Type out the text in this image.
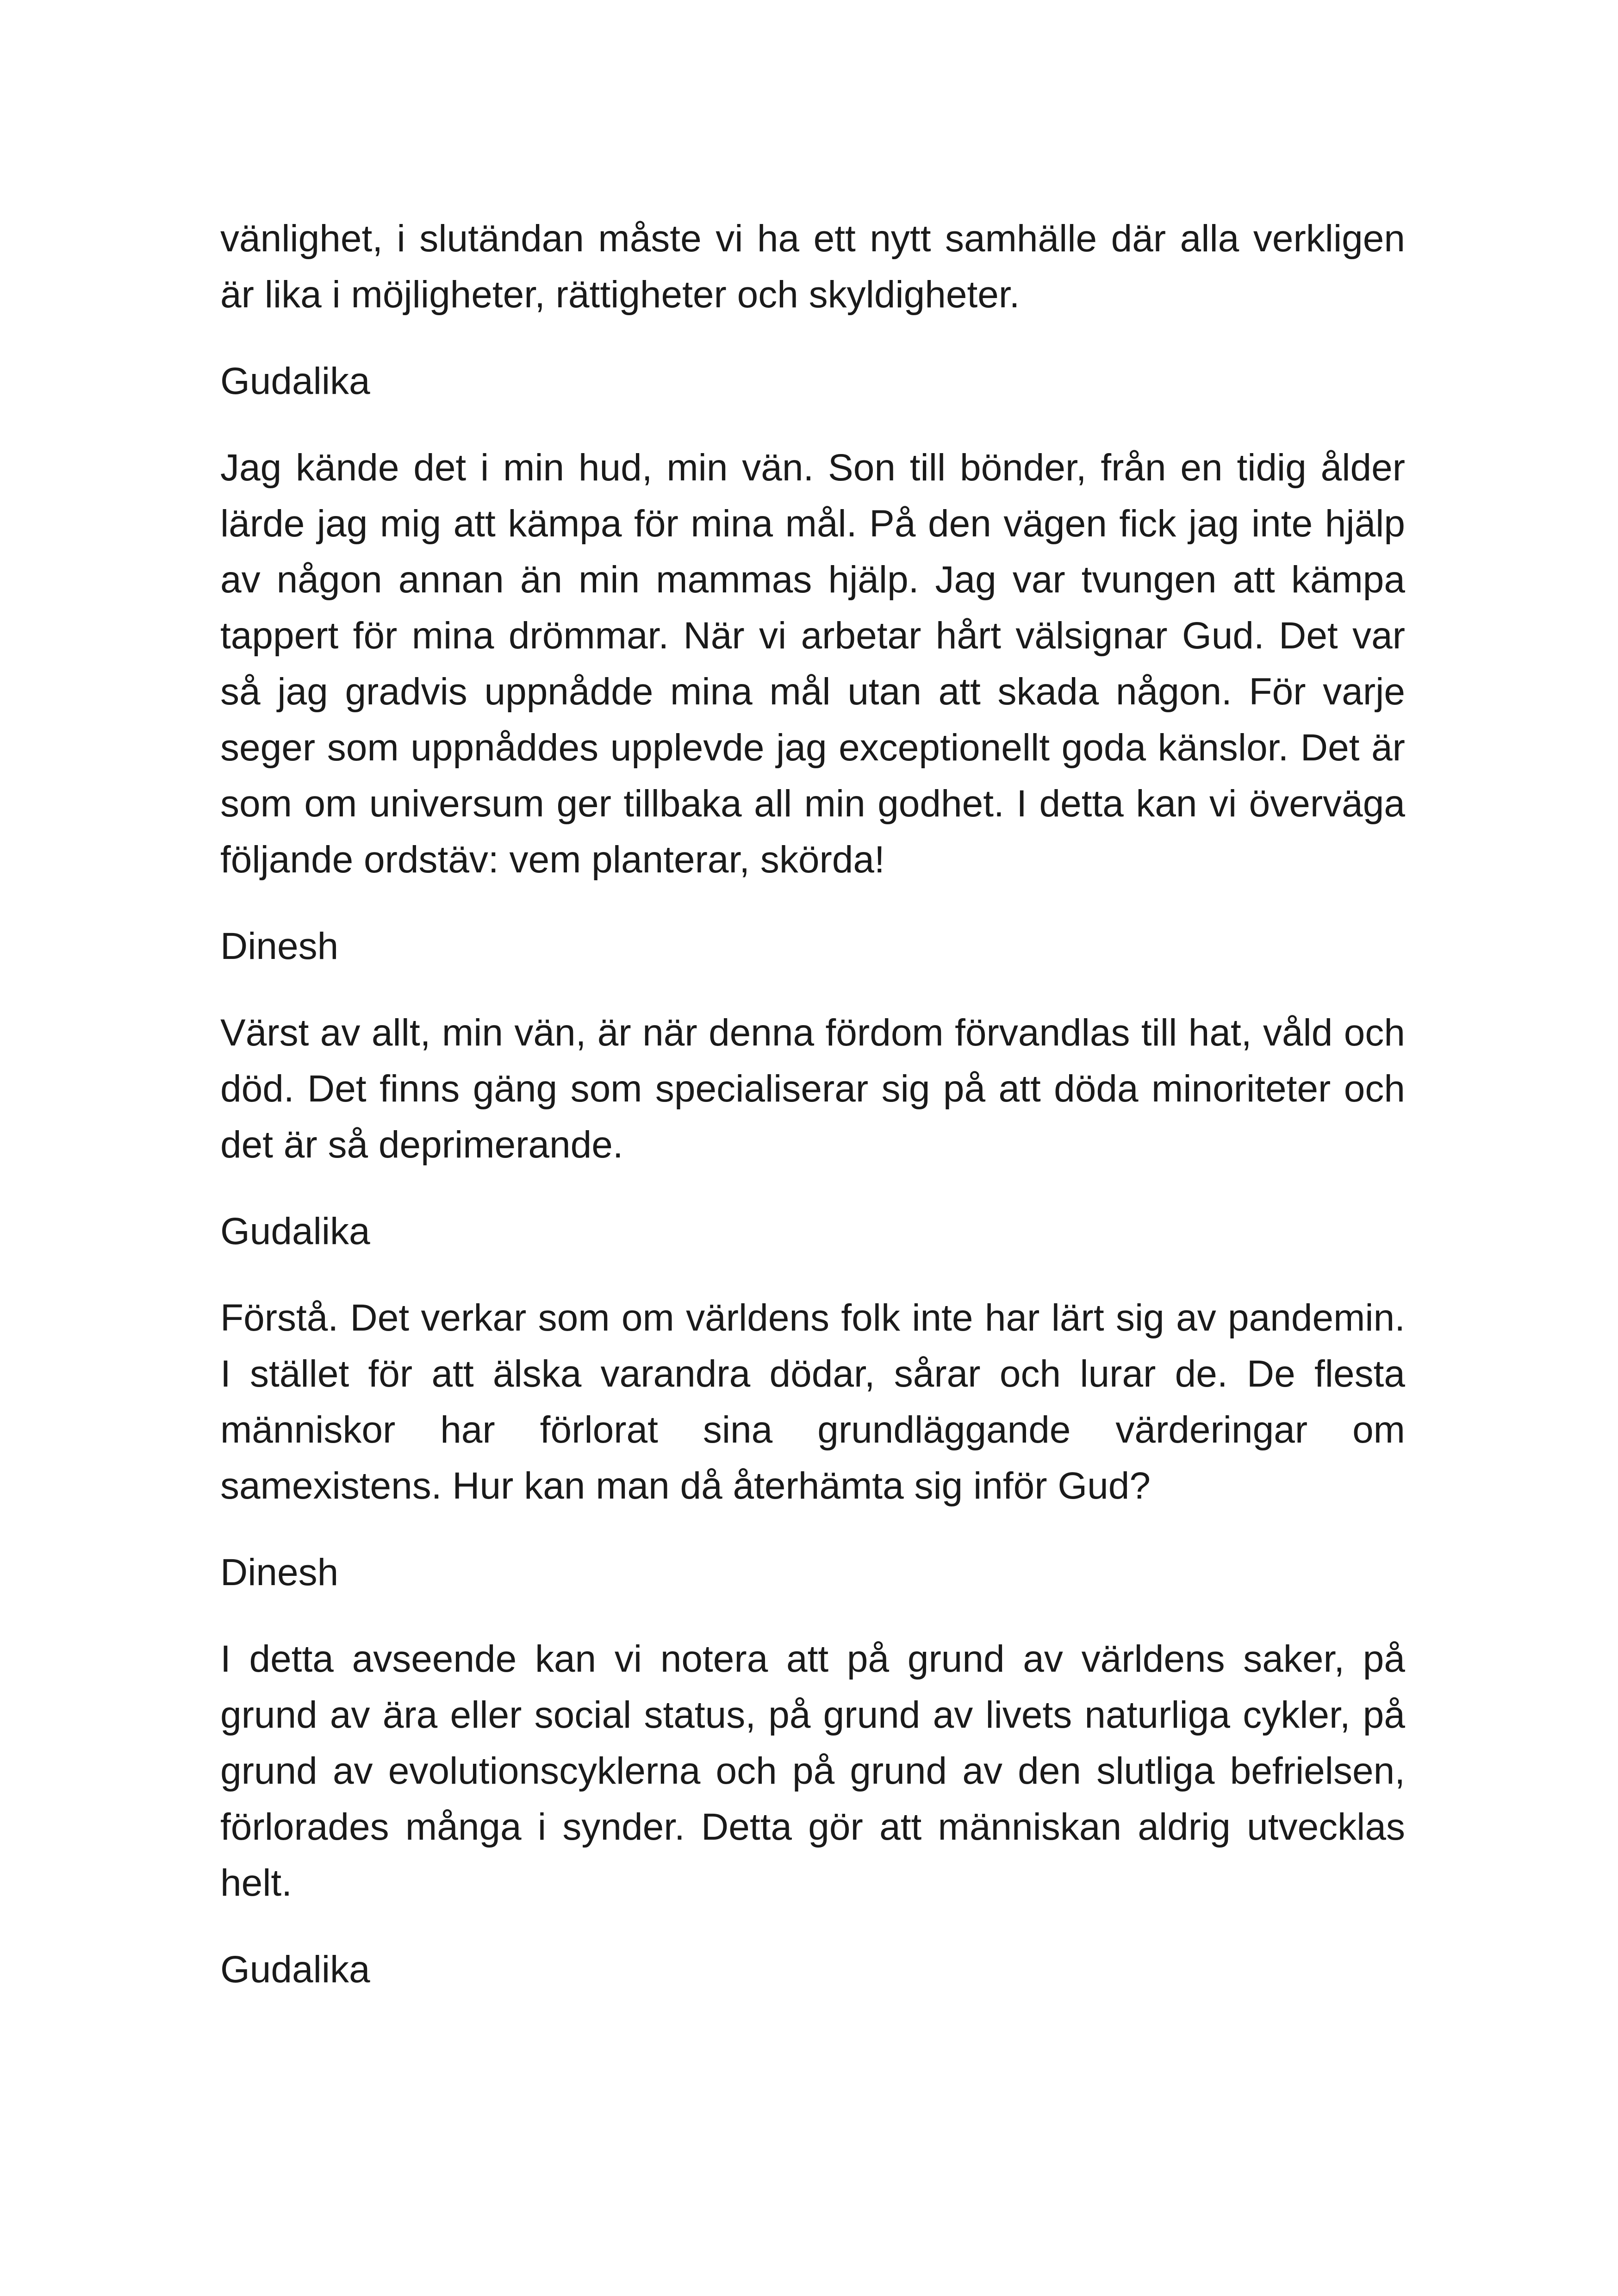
vänlighet, i slutändan måste vi ha ett nytt samhälle där alla verkligen är lika i möjligheter, rättigheter och skyldigheter.

Gudalika

Jag kände det i min hud, min vän. Son till bönder, från en tidig ålder lärde jag mig att kämpa för mina mål. På den vägen fick jag inte hjälp av någon annan än min mammas hjälp. Jag var tvungen att kämpa tappert för mina drömmar. När vi arbetar hårt välsignar Gud. Det var så jag gradvis uppnådde mina mål utan att skada någon. För varje seger som uppnåddes upplevde jag exceptionellt goda känslor. Det är som om universum ger tillbaka all min godhet. I detta kan vi överväga följande ordstäv: vem planterar, skörda!

Dinesh

Värst av allt, min vän, är när denna fördom förvandlas till hat, våld och död. Det finns gäng som specialiserar sig på att döda minoriteter och det är så deprimerande.

Gudalika

Förstå. Det verkar som om världens folk inte har lärt sig av pandemin. I stället för att älska varandra dödar, sårar och lurar de. De flesta människor har förlorat sina grundläggande värderingar om samexistens. Hur kan man då återhämta sig inför Gud?

Dinesh

I detta avseende kan vi notera att på grund av världens saker, på grund av ära eller social status, på grund av livets naturliga cykler, på grund av evolutionscyklerna och på grund av den slutliga befrielsen, förlorades många i synder. Detta gör att människan aldrig utvecklas helt.

Gudalika
